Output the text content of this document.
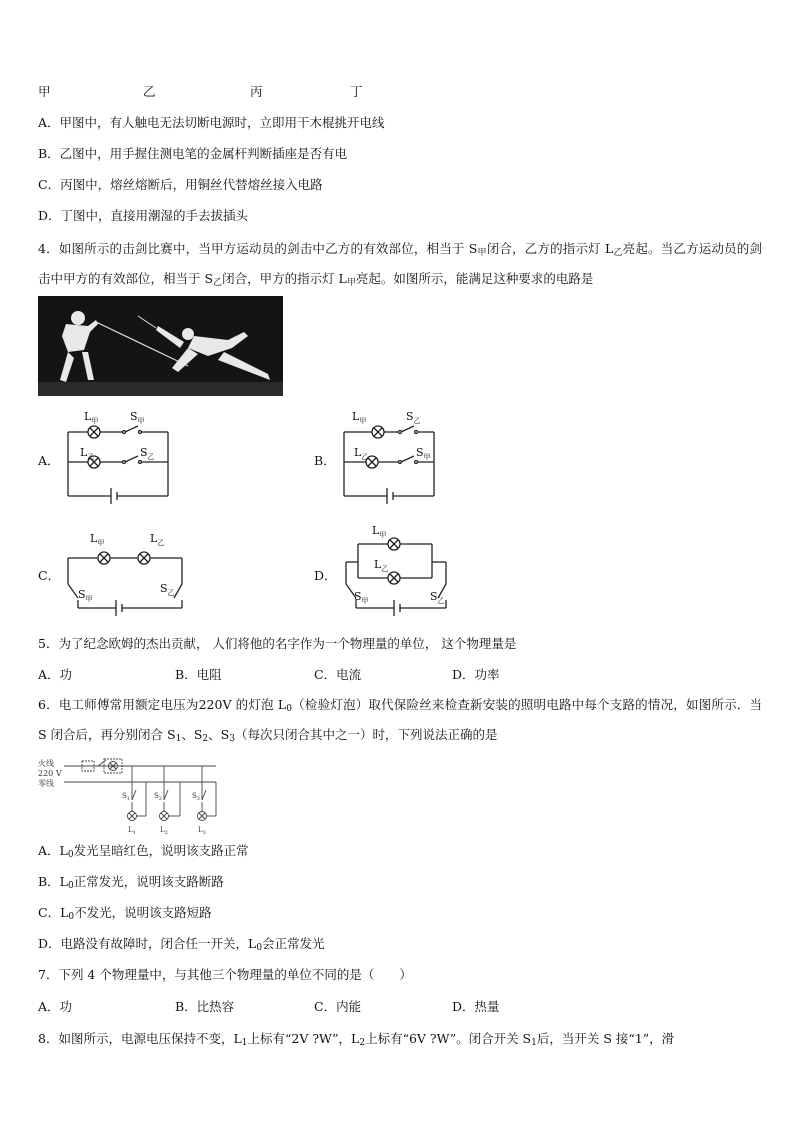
甲	乙	丙	丁
A．甲图中，有人触电无法切断电源时，立即用干木棍挑开电线
B．乙图中，用手握住测电笔的金属杆判断插座是否有电
C．丙图中，熔丝熔断后，用铜丝代替熔丝接入电路
D．丁图中，直接用潮湿的手去拔插头
4．如图所示的击剑比赛中，当甲方运动员的剑击中乙方的有效部位，相当于 $S_甲$闭合，乙方的指示灯 $L_乙$亮起。当乙方运动员的剑击中甲方的有效部位，相当于 $S_乙$闭合，甲方的指示灯 $L_甲$亮起。如图所示，能满足这种要求的电路是
A．
$L_甲$	$S_甲$
$L_乙$	$S_乙$	B．
$L_甲$	$S_乙$
$L_乙$	$S_甲$
C．
$L_甲$	$L_乙$
$S_甲$
$S_乙$
D．
$L_甲$
$L_乙$
$S_甲$	$S_乙$
5．为了纪念欧姆的杰出贡献， 人们将他的名字作为一个物理量的单位， 这个物理量是
A．功	B．电阻	C．电流	D．功率
6．电工师傅常用额定电压为220V 的灯泡 $L_0$（检验灯泡）取代保险丝来检查新安装的照明电路中每个支路的情况，如图所示．当 S 闭合后，再分别闭合 $S_1$、$S_2$、$S_3$（每次只闭合其中之一）时，下列说法正确的是
火线
220 V
零线
$S_1$	$S_2$	$S_3$
$L_1$	$L_2$	$L_3$
A．$L_0$发光呈暗红色，说明该支路正常
B．$L_0$正常发光，说明该支路断路
C．$L_0$不发光，说明该支路短路
D．电路没有故障时，闭合任一开关，$L_0$会正常发光
7．下列 4 个物理量中，与其他三个物理量的单位不同的是（　　）
A．功	B．比热容	C．内能	D．热量
8．如图所示，电源电压保持不变，$L_1$上标有“2V ?W”，$L_2$上标有“6V ?W”。闭合开关 $S_1$后，当开关 S 接“1”，滑
